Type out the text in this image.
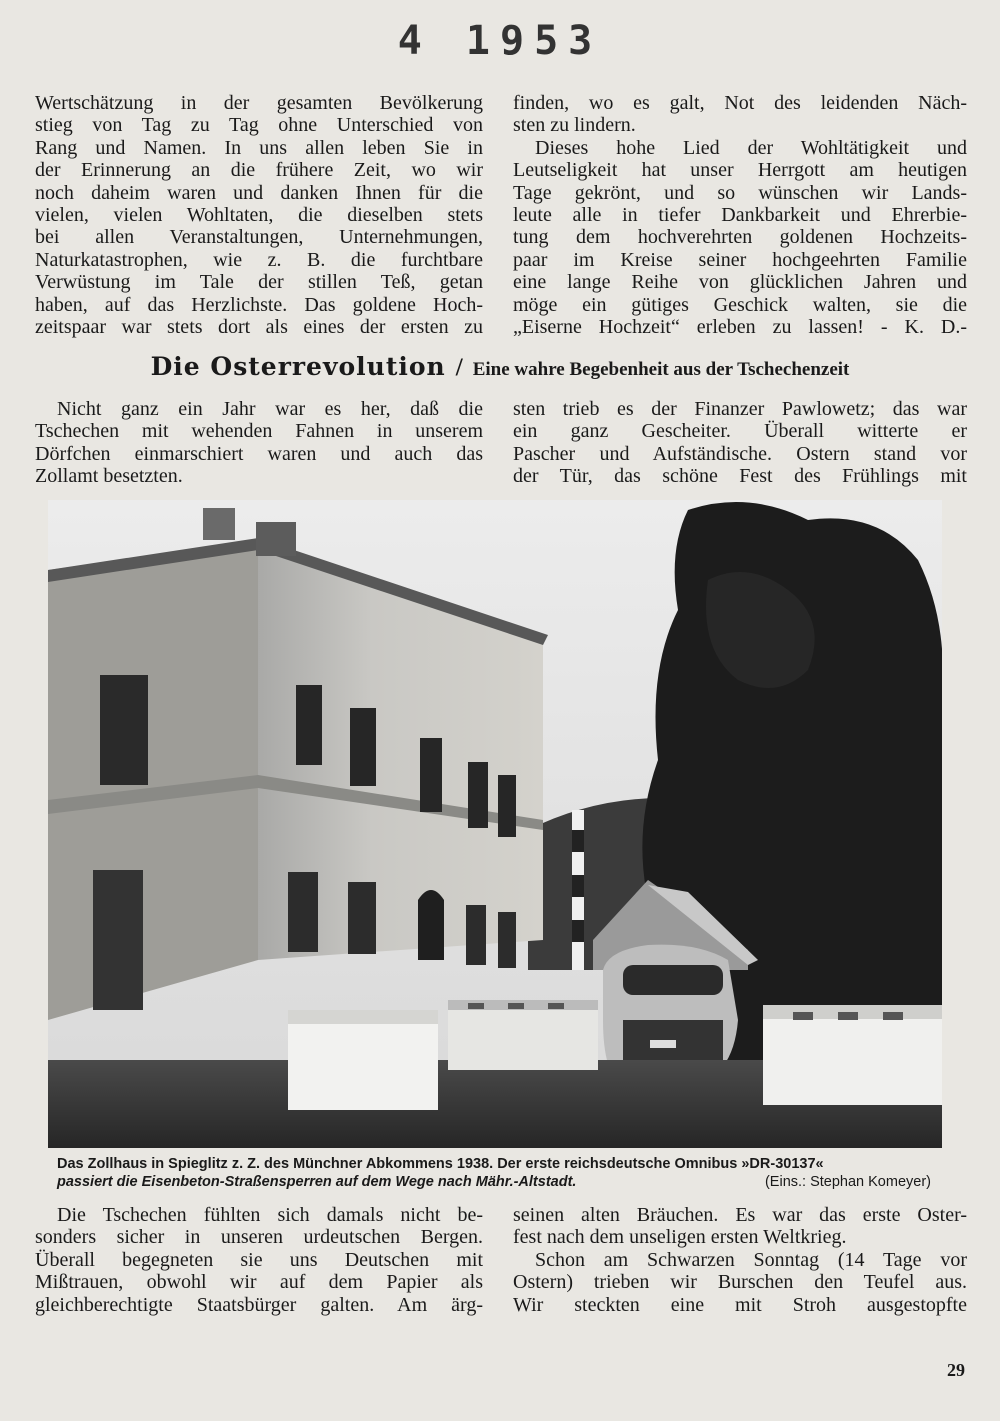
4 1953
Wertschätzung in der gesamten Bevölkerung
stieg von Tag zu Tag ohne Unterschied von
Rang und Namen. In uns allen leben Sie in
der Erinnerung an die frühere Zeit, wo wir
noch daheim waren und danken Ihnen für die
vielen, vielen Wohltaten, die dieselben stets
bei allen Veranstaltungen, Unternehmungen,
Naturkatastrophen, wie z. B. die furchtbare
Verwüstung im Tale der stillen Teß, getan
haben, auf das Herzlichste. Das goldene Hoch-
zeitspaar war stets dort als eines der ersten zu
finden, wo es galt, Not des leidenden Näch-
sten zu lindern.
Dieses hohe Lied der Wohltätigkeit und
Leutseligkeit hat unser Herrgott am heutigen
Tage gekrönt, und so wünschen wir Lands-
leute alle in tiefer Dankbarkeit und Ehrerbie-
tung dem hochverehrten goldenen Hochzeits-
paar im Kreise seiner hochgeehrten Familie
eine lange Reihe von glücklichen Jahren und
möge ein gütiges Geschick walten, sie die
„Eiserne Hochzeit“ erleben zu lassen! - K. D.-
Die Osterrevolution / Eine wahre Begebenheit aus der Tschechenzeit
Nicht ganz ein Jahr war es her, daß die
Tschechen mit wehenden Fahnen in unserem
Dörfchen einmarschiert waren und auch das
Zollamt besetzten.
sten trieb es der Finanzer Pawlowetz; das war
ein ganz Gescheiter. Überall witterte er
Pascher und Aufständische. Ostern stand vor
der Tür, das schöne Fest des Frühlings mit
Das Zollhaus in Spieglitz z. Z. des Münchner Abkommens 1938. Der erste reichsdeutsche Omnibus »DR-30137«
passiert die Eisenbeton-Straßensperren auf dem Wege nach Mähr.-Altstadt.	(Eins.: Stephan Komeyer)
Die Tschechen fühlten sich damals nicht be-
sonders sicher in unseren urdeutschen Bergen.
Überall begegneten sie uns Deutschen mit
Mißtrauen, obwohl wir auf dem Papier als
gleichberechtigte Staatsbürger galten. Am ärg-
seinen alten Bräuchen. Es war das erste Oster-
fest nach dem unseligen ersten Weltkrieg.
Schon am Schwarzen Sonntag (14 Tage vor
Ostern) trieben wir Burschen den Teufel aus.
Wir steckten eine mit Stroh ausgestopfte
29
